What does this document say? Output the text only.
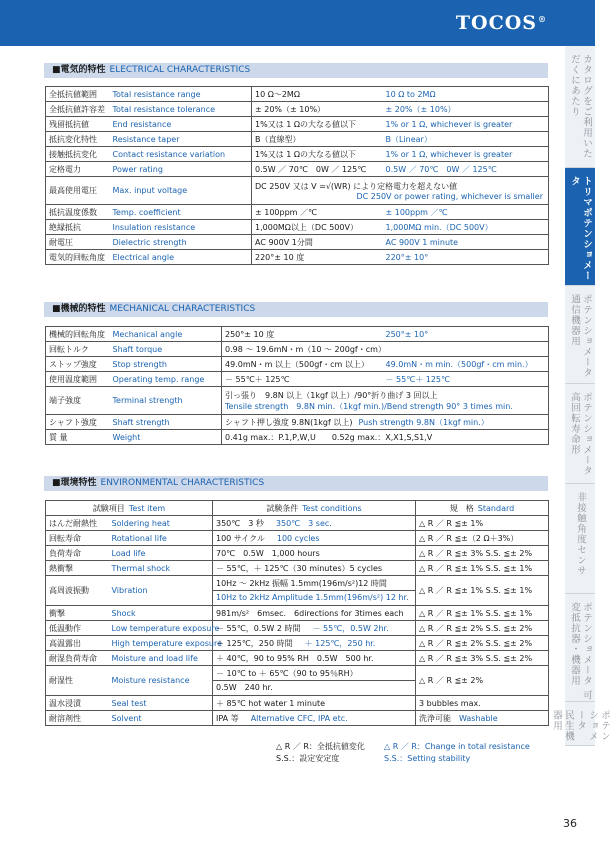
TOCOS®
カタログをご利用いただくにあたり
トリマポテンショメータ
ポテンショメータ 通信機器用
ポテンショメータ 高回転寿命形
非接触角度センサ
ポテンショメータ 可変抵抗器・機器用
ポテンショメータ 民生機器用
■電気的特性 ELECTRICAL CHARACTERISTICS
全抵抗値範囲	Total resistance range	10 Ω～2MΩ	10 Ω to 2MΩ
全抵抗値許容差	Total resistance tolerance	± 20%（± 10%）	± 20%（± 10%）
残留抵抗値	End resistance	1%又は 1 Ωの大なる値以下	1% or 1 Ω, whichever is greater
抵抗変化特性	Resistance taper	B（直線型）	B（Linear）
接触抵抗変化	Contact resistance variation	1%又は 1 Ωの大なる値以下	1% or 1 Ω, whichever is greater
定格電力	Power rating	0.5W ／ 70℃　0W ／ 125℃	0.5W ／ 70℃　0W ／ 125℃
最高使用電圧	Max. input voltage	DC 250V 又は V =√(WR) により定格電力を超えない値
DC 250V or power rating, whichever is smaller	

抵抗温度係数	Temp. coefficient	± 100ppm ／℃	± 100ppm ／℃
絶縁抵抗	Insulation resistance	1,000MΩ以上（DC 500V）	1,000MΩ min.（DC 500V）
耐電圧	Dielectric strength	AC 900V 1分間	AC 900V 1 minute
電気的回転角度	Electrical angle	220°± 10 度	220°± 10°
■機械的特性 MECHANICAL CHARACTERISTICS
機械的回転角度	Mechanical angle	250°± 10 度	250°± 10°
回転トルク	Shaft torque	0.98 ～ 19.6mN・m（10 ～ 200gf・cm）	
ストップ強度	Stop strength	49.0mN・m 以上（500gf・cm 以上）	49.0mN・m min.（500gf・cm min.）
使用温度範囲	Operating temp. range	－ 55℃＋ 125℃	－ 55℃＋ 125℃
端子強度	Terminal strength	引っ張り　9.8N 以上（1kgf 以上）/90°折り曲げ 3 回以上
Tensile strength　9.8N min.（1kgf min.)/Bend strength 90° 3 times min.	

シャフト強度	Shaft strength	シャフト押し強度 9.8N(1kgf 以上) Push strength 9.8N（1kgf min.）	
質 量	Weight	0.41g max.：P.1,P,W,U　　0.52g max.：X,X1,S,S1,V	
■環境特性 ENVIRONMENTAL CHARACTERISTICS
試験項目 Test item		試験条件 Test conditions	規　格 Standard
はんだ耐熱性	Soldering heat	350℃　3 秒 350℃　3 sec.	△ R ／ R ≦± 1%
回転寿命	Rotational life	100 サイクル 100 cycles	△ R ／ R ≦±（2 Ω＋3%）
負荷寿命	Load life	70℃　0.5W　1,000 hours	△ R ／ R ≦± 3% S.S. ≦± 2%
熱衝撃	Thermal shock	－ 55℃，＋ 125℃（30 minutes）5 cycles	△ R ／ R ≦± 1% S.S. ≦± 1%
高周波振動	Vibration	10Hz ～ 2kHz 振幅 1.5mm(196m/s²)12 時間
10Hz to 2kHz Amplitude 1.5mm(196m/s²) 12 hr.	△ R ／ R ≦± 1% S.S. ≦± 1%
衝撃	Shock	981m/s²　6msec.　6directions for 3times each	△ R ／ R ≦± 1% S.S. ≦± 1%
低温動作	Low temperature exposure	－ 55℃，0.5W 2 時間 － 55℃，0.5W 2hr.	△ R ／ R ≦± 2% S.S. ≦± 2%
高温露出	High temperature exposure	＋ 125℃，250 時間 ＋ 125℃，250 hr.	△ R ／ R ≦± 2% S.S. ≦± 2%
耐湿負荷寿命	Moisture and load life	＋ 40℃，90 to 95% RH　0.5W　500 hr.	△ R ／ R ≦± 3% S.S. ≦± 2%
耐湿性	Moisture resistance	－ 10℃ to ＋ 65℃（90 to 95％RH）
0.5W　240 hr.	△ R ／ R ≦± 2%
温水浸漬	Seal test	＋ 85℃ hot water 1 minute	3 bubbles max.
耐溶剤性	Solvent	IPA 等 Alternative CFC, IPA etc.	洗浄可能 Washable
△ R ／ R：全抵抗値変化
S.S.：設定安定度
△ R ／ R：Change in total resistance
S.S.：Setting stability
36
